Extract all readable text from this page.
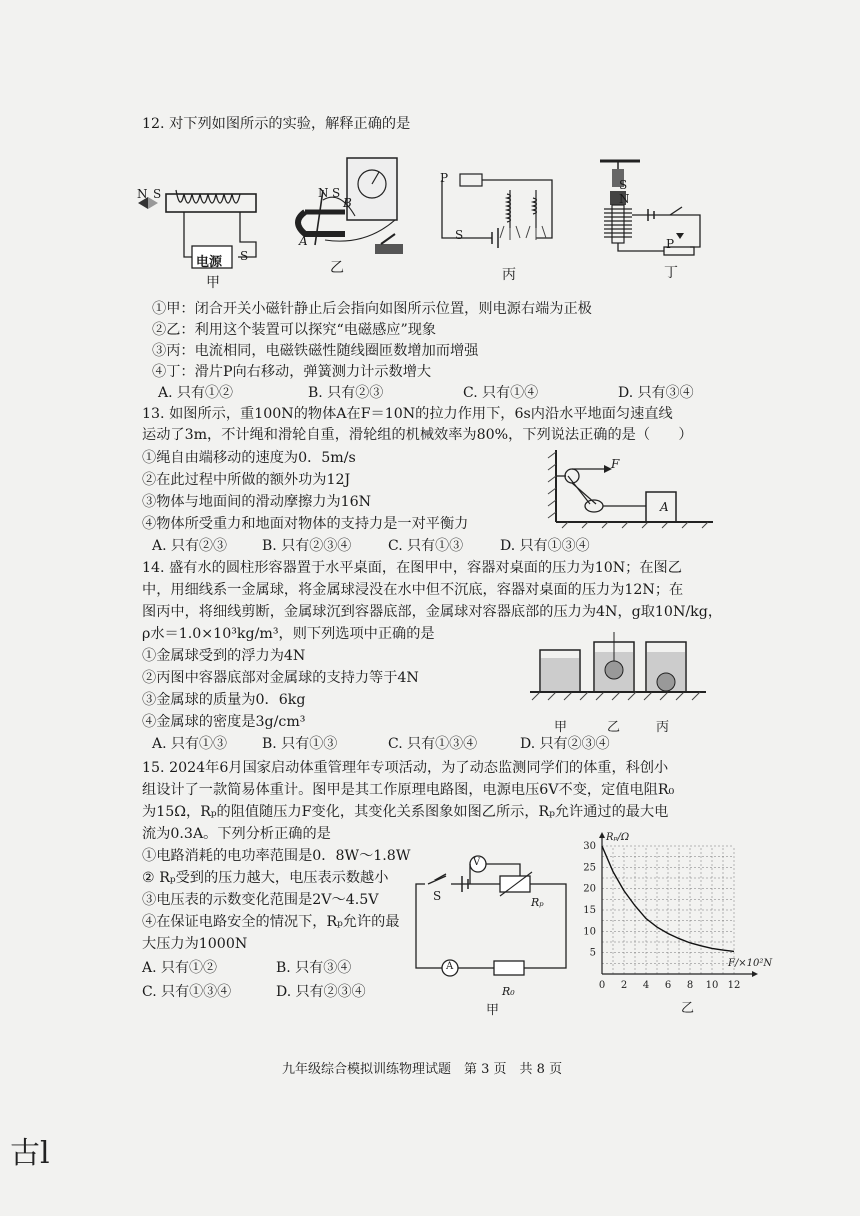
12. 对下列如图所示的实验，解释正确的是
N S
电源 S
甲
N S
B
A
乙
P
S
丙
S
N
P
丁
①甲：闭合开关小磁针静止后会指向如图所示位置，则电源右端为正极
②乙：利用这个装置可以探究“电磁感应”现象
③丙：电流相同，电磁铁磁性随线圈匝数增加而增强
④丁：滑片P向右移动，弹簧测力计示数增大
A. 只有①②	B. 只有②③	C. 只有①④	D. 只有③④
13. 如图所示，重100N的物体A在F＝10N的拉力作用下，6s内沿水平地面匀速直线
运动了3m，不计绳和滑轮自重，滑轮组的机械效率为80%，下列说法正确的是（　　）
①绳自由端移动的速度为0．5m/s
②在此过程中所做的额外功为12J
③物体与地面间的滑动摩擦力为16N
④物体所受重力和地面对物体的支持力是一对平衡力
A. 只有②③ B. 只有②③④	C. 只有①③	D. 只有①③④
F
A
14. 盛有水的圆柱形容器置于水平桌面，在图甲中，容器对桌面的压力为10N；在图乙
中，用细线系一金属球，将金属球浸没在水中但不沉底，容器对桌面的压力为12N；在
图丙中，将细线剪断，金属球沉到容器底部，金属球对容器底部的压力为4N，g取10N/kg，
ρ水＝1.0×10³kg/m³，则下列选项中正确的是
①金属球受到的浮力为4N
②丙图中容器底部对金属球的支持力等于4N
③金属球的质量为0．6kg
④金属球的密度是3g/cm³
A. 只有①③ B. 只有①③	C. 只有①③④	D. 只有②③④
甲	乙	丙
15. 2024年6月国家启动体重管理年专项活动，为了动态监测同学们的体重，科创小
组设计了一款简易体重计。图甲是其工作原理电路图，电源电压6V不变，定值电阻R₀
为15Ω，Rₚ的阻值随压力F变化，其变化关系图象如图乙所示，Rₚ允许通过的最大电
流为0.3A。下列分析正确的是
①电路消耗的电功率范围是0．8W～1.8W
② Rₚ受到的压力越大，电压表示数越小
③电压表的示数变化范围是2V～4.5V
④在保证电路安全的情况下，Rₚ允许的最
大压力为1000N
A. 只有①②	B. 只有③④
C. 只有①③④	D. 只有②③④
V
S	Rₚ
A
R₀
甲
0 2 4 6 8 10 12
5
10
15
20
25
30
F/×10²N
Rₚ/Ω
乙
九年级综合模拟训练物理试题　第 3 页　共 8 页
古l
